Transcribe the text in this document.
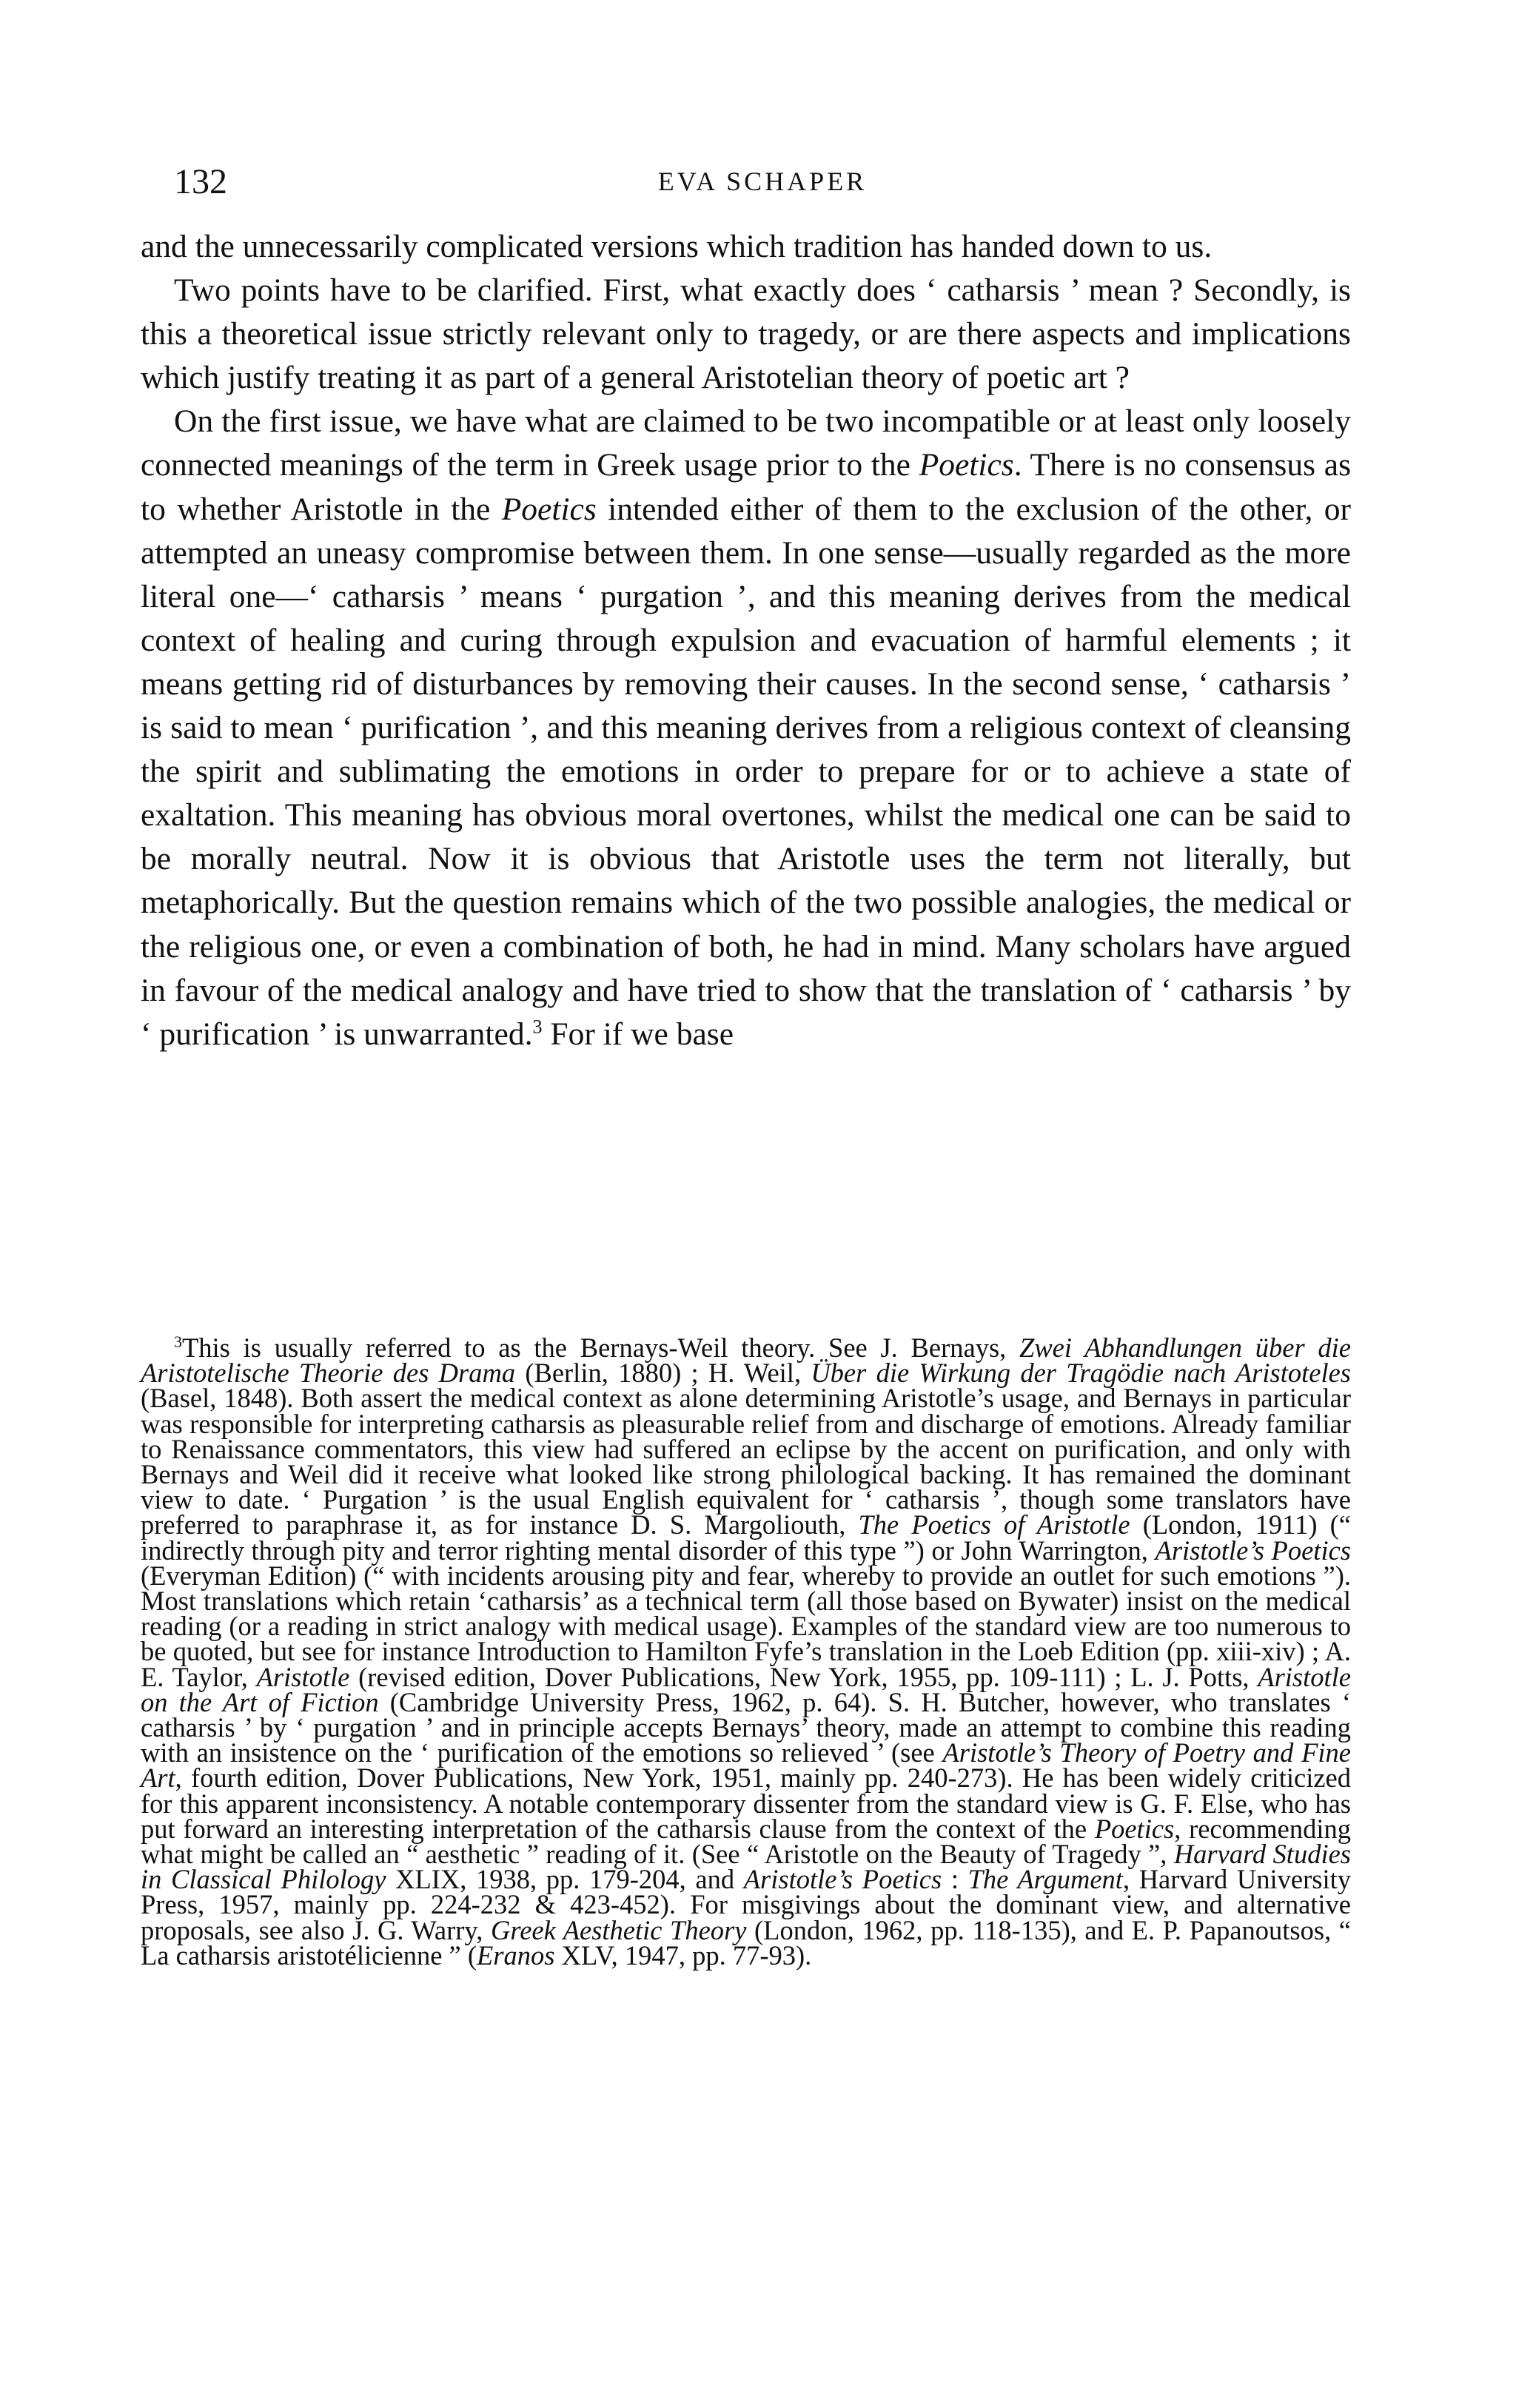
132	EVA SCHAPER

and the unnecessarily complicated versions which tradition has handed down to us.

Two points have to be clarified. First, what exactly does ‘ catharsis ’ mean ? Secondly, is this a theoretical issue strictly relevant only to tragedy, or are there aspects and implications which justify treating it as part of a general Aristotelian theory of poetic art ?

On the first issue, we have what are claimed to be two incompatible or at least only loosely connected meanings of the term in Greek usage prior to the Poetics. There is no consensus as to whether Aristotle in the Poetics intended either of them to the exclusion of the other, or attempted an uneasy compromise between them. In one sense—usually regarded as the more literal one—‘ catharsis ’ means ‘ purgation ’, and this meaning derives from the medical context of healing and curing through expulsion and evacuation of harmful elements ; it means getting rid of disturbances by removing their causes. In the second sense, ‘ catharsis ’ is said to mean ‘ purification ’, and this meaning derives from a religious context of cleansing the spirit and sublimating the emotions in order to prepare for or to achieve a state of exaltation. This meaning has obvious moral overtones, whilst the medical one can be said to be morally neutral. Now it is obvious that Aristotle uses the term not literally, but metaphorically. But the question remains which of the two possible analogies, the medical or the religious one, or even a combination of both, he had in mind. Many scholars have argued in favour of the medical analogy and have tried to show that the translation of ‘ catharsis ’ by ‘ purification ’ is unwarranted.$^3$ For if we base

$^3$This is usually referred to as the Bernays-Weil theory. See J. Bernays, Zwei Abhandlungen über die Aristotelische Theorie des Drama (Berlin, 1880) ; H. Weil, Über die Wirkung der Tragödie nach Aristoteles (Basel, 1848). Both assert the medical context as alone determining Aristotle’s usage, and Bernays in particular was responsible for interpreting catharsis as pleasurable relief from and discharge of emotions. Already familiar to Renaissance commentators, this view had suffered an eclipse by the accent on purification, and only with Bernays and Weil did it receive what looked like strong philological backing. It has remained the dominant view to date. ‘ Purgation ’ is the usual English equivalent for ‘ catharsis ’, though some translators have preferred to paraphrase it, as for instance D. S. Margoliouth, The Poetics of Aristotle (London, 1911) (“ indirectly through pity and terror righting mental disorder of this type ”) or John Warrington, Aristotle’s Poetics (Everyman Edition) (“ with incidents arousing pity and fear, whereby to provide an outlet for such emotions ”). Most translations which retain ‘catharsis’ as a technical term (all those based on Bywater) insist on the medical reading (or a reading in strict analogy with medical usage). Examples of the standard view are too numerous to be quoted, but see for instance Introduction to Hamilton Fyfe’s translation in the Loeb Edition (pp. xiii-xiv) ; A. E. Taylor, Aristotle (revised edition, Dover Publications, New York, 1955, pp. 109-111) ; L. J. Potts, Aristotle on the Art of Fiction (Cambridge University Press, 1962, p. 64). S. H. Butcher, however, who translates ‘ catharsis ’ by ‘ purgation ’ and in principle accepts Bernays’ theory, made an attempt to combine this reading with an insistence on the ‘ purification of the emotions so relieved ’ (see Aristotle’s Theory of Poetry and Fine Art, fourth edition, Dover Publications, New York, 1951, mainly pp. 240-273). He has been widely criticized for this apparent inconsistency. A notable contemporary dissenter from the standard view is G. F. Else, who has put forward an interesting interpretation of the catharsis clause from the context of the Poetics, recommending what might be called an “ aesthetic ” reading of it. (See “ Aristotle on the Beauty of Tragedy ”, Harvard Studies in Classical Philology XLIX, 1938, pp. 179-204, and Aristotle’s Poetics : The Argument, Harvard University Press, 1957, mainly pp. 224-232 & 423-452). For misgivings about the dominant view, and alternative proposals, see also J. G. Warry, Greek Aesthetic Theory (London, 1962, pp. 118-135), and E. P. Papanoutsos, “ La catharsis aristotélicienne ” (Eranos XLV, 1947, pp. 77-93).
